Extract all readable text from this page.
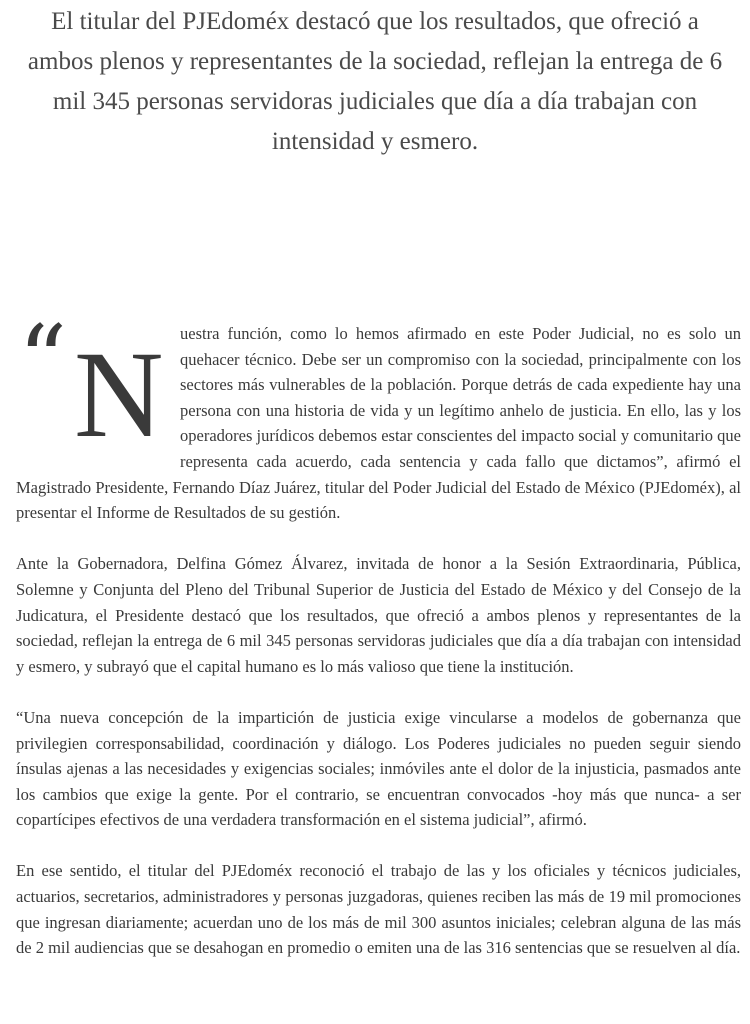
El titular del PJEdoméx destacó que los resultados, que ofreció a ambos plenos y representantes de la sociedad, reflejan la entrega de 6 mil 345 personas servidoras judiciales que día a día trabajan con intensidad y esmero.

“ N uestra función, como lo hemos afirmado en este Poder Judicial, no es solo un quehacer técnico. Debe ser un compromiso con la sociedad, principalmente con los sectores más vulnerables de la población. Porque detrás de cada expediente hay una persona con una historia de vida y un legítimo anhelo de justicia. En ello, las y los operadores jurídicos debemos estar conscientes del impacto social y comunitario que representa cada acuerdo, cada sentencia y cada fallo que dictamos”, afirmó el Magistrado Presidente, Fernando Díaz Juárez, titular del Poder Judicial del Estado de México (PJEdoméx), al presentar el Informe de Resultados de su gestión.

Ante la Gobernadora, Delfina Gómez Álvarez, invitada de honor a la Sesión Extraordinaria, Pública, Solemne y Conjunta del Pleno del Tribunal Superior de Justicia del Estado de México y del Consejo de la Judicatura, el Presidente destacó que los resultados, que ofreció a ambos plenos y representantes de la sociedad, reflejan la entrega de 6 mil 345 personas servidoras judiciales que día a día trabajan con intensidad y esmero, y subrayó que el capital humano es lo más valioso que tiene la institución.

“Una nueva concepción de la impartición de justicia exige vincularse a modelos de gobernanza que privilegien corresponsabilidad, coordinación y diálogo. Los Poderes judiciales no pueden seguir siendo ínsulas ajenas a las necesidades y exigencias sociales; inmóviles ante el dolor de la injusticia, pasmados ante los cambios que exige la gente. Por el contrario, se encuentran convocados -hoy más que nunca- a ser copartícipes efectivos de una verdadera transformación en el sistema judicial”, afirmó.

En ese sentido, el titular del PJEdoméx reconoció el trabajo de las y los oficiales y técnicos judiciales, actuarios, secretarios, administradores y personas juzgadoras, quienes reciben las más de 19 mil promociones que ingresan diariamente; acuerdan uno de los más de mil 300 asuntos iniciales; celebran alguna de las más de 2 mil audiencias que se desahogan en promedio o emiten una de las 316 sentencias que se resuelven al día.
